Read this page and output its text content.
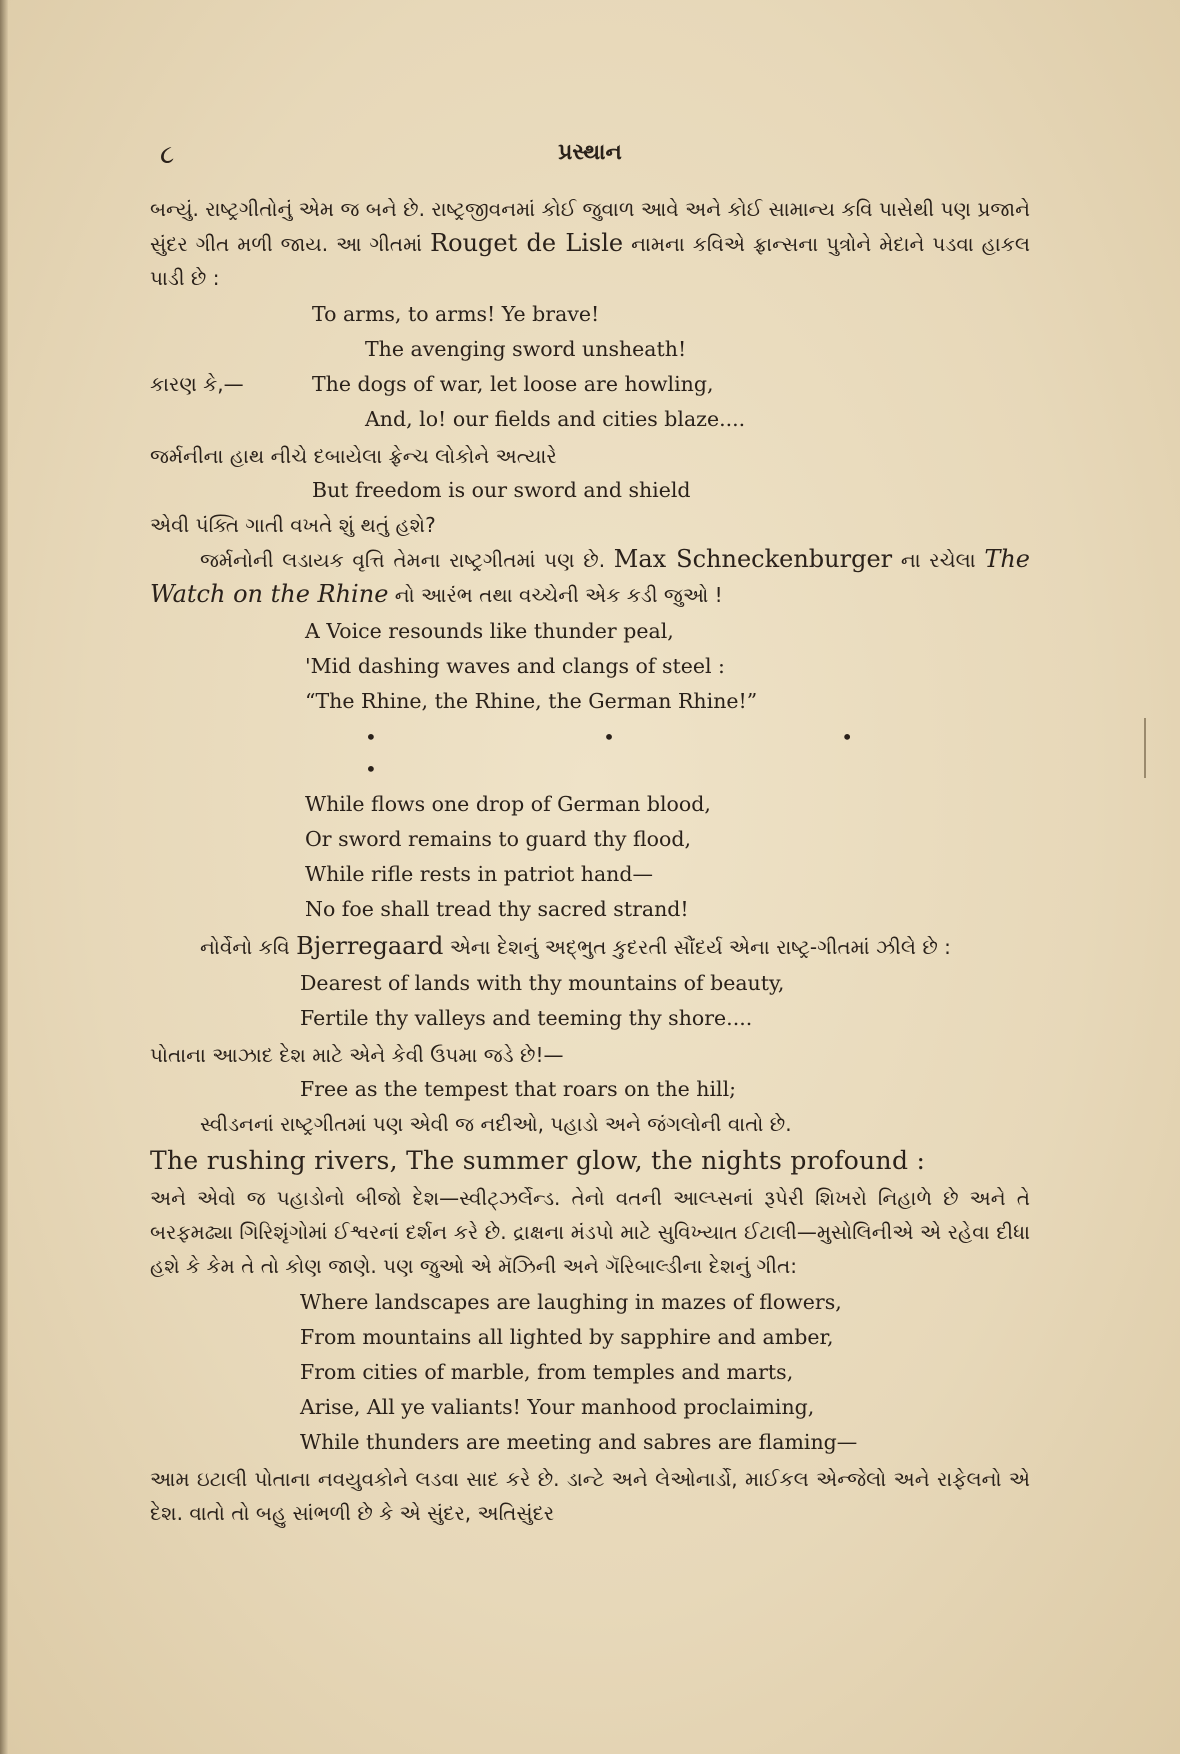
૮	પ્રસ્થાન

બન્યું. રાષ્ટ્રગીતોનું એમ જ બને છે. રાષ્ટ્રજીવનમાં કોઈ જુવાળ આવે અને કોઈ સામાન્ય કવિ પાસેથી પણ પ્રજાને સુંદર ગીત મળી જાય. આ ગીતમાં Rouget de Lisle નામના કવિએ ફ્રાન્સના પુત્રોને મેદાને પડવા હાકલ પાડી છે :

To arms, to arms! Ye brave!
The avenging sword unsheath!
કારણ કે,—	The dogs of war, let loose are howling,
And, lo! our fields and cities blaze....

જર્મનીના હાથ નીચે દબાયેલા ફ્રેન્ચ લોકોને અત્યારે

But freedom is our sword and shield

એવી પંક્તિ ગાતી વખતે શું થતું હશે?

જર્મનોની લડાયક વૃત્તિ તેમના રાષ્ટ્રગીતમાં પણ છે. Max Schneckenburger ના રચેલા The Watch on the Rhine નો આરંભ તથા વચ્ચેની એક કડી જુઓ !

A Voice resounds like thunder peal,
'Mid dashing waves and clangs of steel :
“The Rhine, the Rhine, the German Rhine!”
• • • •
While flows one drop of German blood,
Or sword remains to guard thy flood,
While rifle rests in patriot hand—
No foe shall tread thy sacred strand!

નોર્વેનો કવિ Bjerregaard એના દેશનું અદ્ભુત કુદરતી સૌંદર્ય એના રાષ્ટ્ર-ગીતમાં ઝીલે છે :

Dearest of lands with thy mountains of beauty,
Fertile thy valleys and teeming thy shore....

પોતાના આઝાદ દેશ માટે એને કેવી ઉપમા જડે છે!—

Free as the tempest that roars on the hill;

સ્વીડનનાં રાષ્ટ્રગીતમાં પણ એવી જ નદીઓ, પહાડો અને જંગલોની વાતો છે.

The rushing rivers, The summer glow, the nights profound :

અને એવો જ પહાડોનો બીજો દેશ—સ્વીટ્ઝર્લેન્ડ. તેનો વતની આલ્પ્સનાં રૂપેરી શિખરો નિહાળે છે અને તે બરફમઢ્યા ગિરિશૃંગોમાં ઈશ્વરનાં દર્શન કરે છે. દ્રાક્ષના મંડપો માટે સુવિખ્યાત ઈટાલી—મુસોલિનીએ એ રહેવા દીધા હશે કે કેમ તે તો કોણ જાણે. પણ જુઓ એ મૅઝિની અને ગૅરિબાલ્ડીના દેશનું ગીત:

Where landscapes are laughing in mazes of flowers,
From mountains all lighted by sapphire and amber,
From cities of marble, from temples and marts,
Arise, All ye valiants! Your manhood proclaiming,
While thunders are meeting and sabres are flaming—

આમ ઇટાલી પોતાના નવયુવકોને લડવા સાદ કરે છે. ડાન્ટે અને લેઓનાર્ડો, માઈકલ એન્જેલો અને રાફેલનો એ દેશ. વાતો તો બહુ સાંભળી છે કે એ સુંદર, અતિસુંદર
